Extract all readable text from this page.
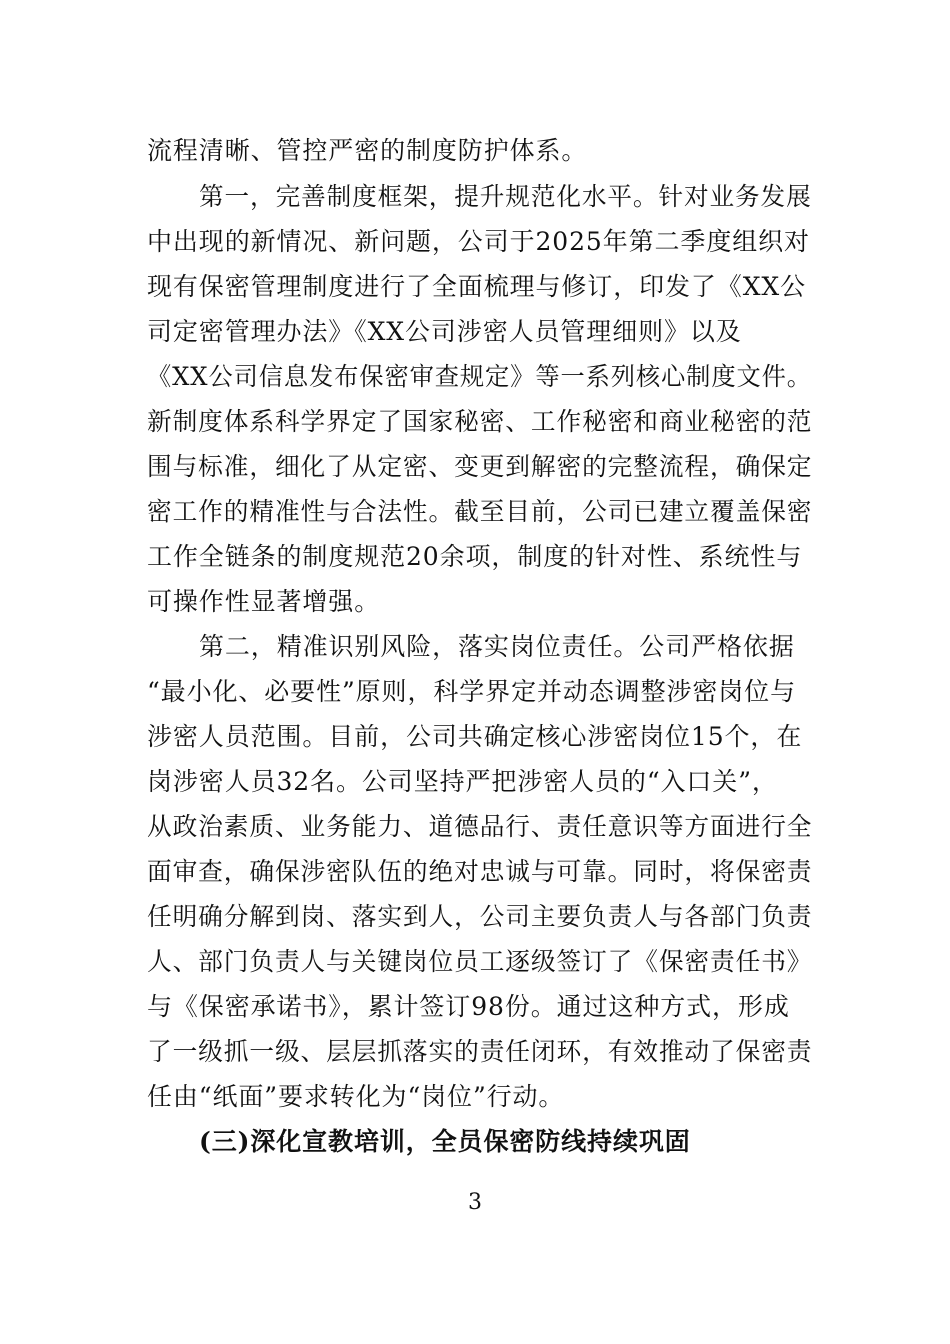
流程清晰、管控严密的制度防护体系。
第一，完善制度框架，提升规范化水平。针对业务发展
中出现的新情况、新问题，公司于2025年第二季度组织对
现有保密管理制度进行了全面梳理与修订，印发了《XX公
司定密管理办法》《XX公司涉密人员管理细则》以及
《XX公司信息发布保密审查规定》等一系列核心制度文件。
新制度体系科学界定了国家秘密、工作秘密和商业秘密的范
围与标准，细化了从定密、变更到解密的完整流程，确保定
密工作的精准性与合法性。截至目前，公司已建立覆盖保密
工作全链条的制度规范20余项，制度的针对性、系统性与
可操作性显著增强。
第二，精准识别风险，落实岗位责任。公司严格依据
“最小化、必要性”原则，科学界定并动态调整涉密岗位与
涉密人员范围。目前，公司共确定核心涉密岗位15个，在
岗涉密人员32名。公司坚持严把涉密人员的“入口关”，
从政治素质、业务能力、道德品行、责任意识等方面进行全
面审查，确保涉密队伍的绝对忠诚与可靠。同时，将保密责
任明确分解到岗、落实到人，公司主要负责人与各部门负责
人、部门负责人与关键岗位员工逐级签订了《保密责任书》
与《保密承诺书》，累计签订98份。通过这种方式，形成
了一级抓一级、层层抓落实的责任闭环，有效推动了保密责
任由“纸面”要求转化为“岗位”行动。
(三)深化宣教培训，全员保密防线持续巩固
3
